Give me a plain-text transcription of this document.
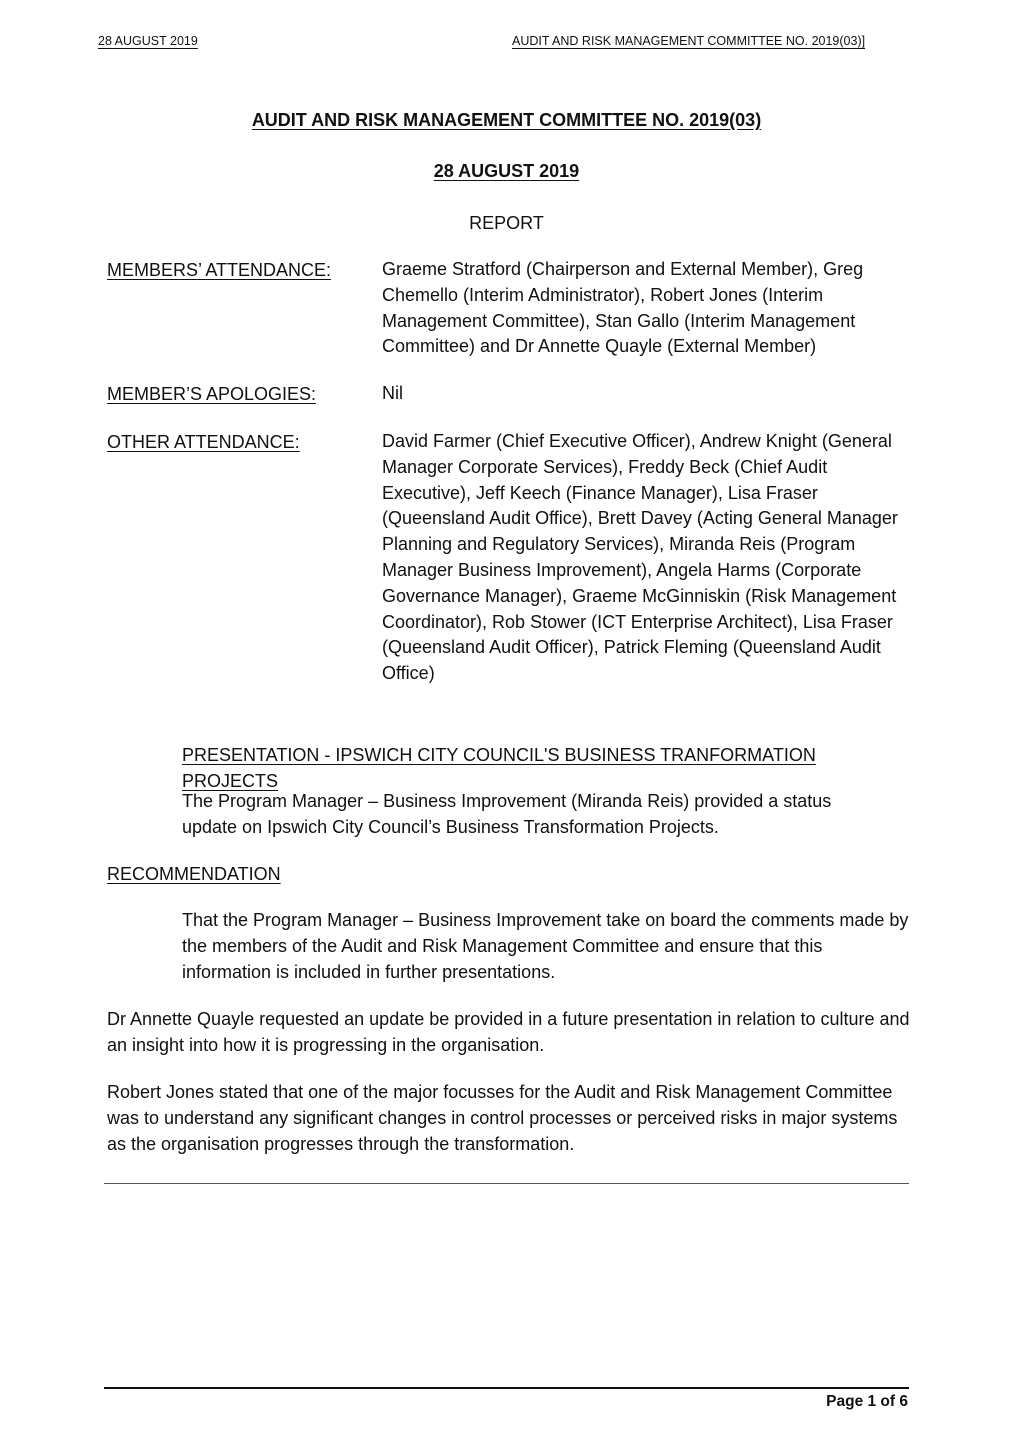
28 AUGUST 2019	AUDIT AND RISK MANAGEMENT COMMITTEE NO. 2019(03)]
AUDIT AND RISK MANAGEMENT COMMITTEE NO. 2019(03)
28 AUGUST 2019
REPORT
MEMBERS’ ATTENDANCE:	Graeme Stratford (Chairperson and External Member), Greg Chemello (Interim Administrator), Robert Jones (Interim Management Committee), Stan Gallo (Interim Management Committee) and Dr Annette Quayle (External Member)
MEMBER’S APOLOGIES:	Nil
OTHER ATTENDANCE:	David Farmer (Chief Executive Officer), Andrew Knight (General Manager Corporate Services), Freddy Beck (Chief Audit Executive), Jeff Keech (Finance Manager), Lisa Fraser (Queensland Audit Office), Brett Davey (Acting General Manager Planning and Regulatory Services), Miranda Reis (Program Manager Business Improvement), Angela Harms (Corporate Governance Manager), Graeme McGinniskin (Risk Management Coordinator), Rob Stower (ICT Enterprise Architect), Lisa Fraser (Queensland Audit Officer), Patrick Fleming (Queensland Audit Office)
PRESENTATION - IPSWICH CITY COUNCIL'S BUSINESS TRANFORMATION PROJECTS
The Program Manager – Business Improvement (Miranda Reis) provided a status update on Ipswich City Council’s Business Transformation Projects.
RECOMMENDATION
That the Program Manager – Business Improvement take on board the comments made by the members of the Audit and Risk Management Committee and ensure that this information is included in further presentations.
Dr Annette Quayle requested an update be provided in a future presentation in relation to culture and an insight into how it is progressing in the organisation.
Robert Jones stated that one of the major focusses for the Audit and Risk Management Committee was to understand any significant changes in control processes or perceived risks in major systems as the organisation progresses through the transformation.
Page 1 of 6
